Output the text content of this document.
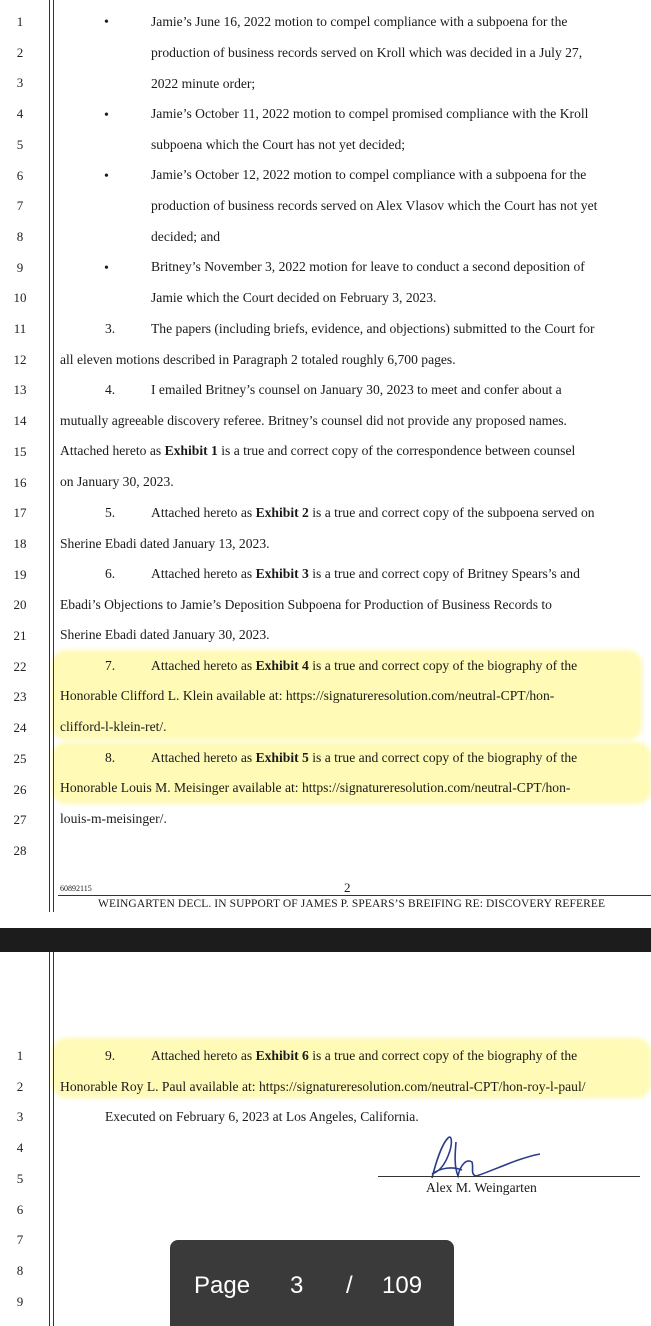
1
2
3
4
5
6
7
8
9
10
11
12
13
14
15
16
17
18
19
20
21
22
23
24
25
26
27
28
•	Jamie’s June 16, 2022 motion to compel compliance with a subpoena for the
production of business records served on Kroll which was decided in a July 27,
2022 minute order;
•	Jamie’s October 11, 2022 motion to compel promised compliance with the Kroll
subpoena which the Court has not yet decided;
•	Jamie’s October 12, 2022 motion to compel compliance with a subpoena for the
production of business records served on Alex Vlasov which the Court has not yet
decided; and
•	Britney’s November 3, 2022 motion for leave to conduct a second deposition of
Jamie which the Court decided on February 3, 2023.
3.	The papers (including briefs, evidence, and objections) submitted to the Court for
all eleven motions described in Paragraph 2 totaled roughly 6,700 pages.
4.	I emailed Britney’s counsel on January 30, 2023 to meet and confer about a
mutually agreeable discovery referee. Britney’s counsel did not provide any proposed names.
Attached hereto as Exhibit 1 is a true and correct copy of the correspondence between counsel
on January 30, 2023.
5.	Attached hereto as Exhibit 2 is a true and correct copy of the subpoena served on
Sherine Ebadi dated January 13, 2023.
6.	Attached hereto as Exhibit 3 is a true and correct copy of Britney Spears’s and
Ebadi’s Objections to Jamie’s Deposition Subpoena for Production of Business Records to
Sherine Ebadi dated January 30, 2023.
7.	Attached hereto as Exhibit 4 is a true and correct copy of the biography of the
Honorable Clifford L. Klein available at: https://signatureresolution.com/neutral-CPT/hon-
clifford-l-klein-ret/.
8.	Attached hereto as Exhibit 5 is a true and correct copy of the biography of the
Honorable Louis M. Meisinger available at: https://signatureresolution.com/neutral-CPT/hon-
louis-m-meisinger/.
60892115	2
WEINGARTEN DECL. IN SUPPORT OF JAMES P. SPEARS’S BREIFING RE: DISCOVERY REFEREE
1
2
3
4
5
6
7
8
9
9.	Attached hereto as Exhibit 6 is a true and correct copy of the biography of the
Honorable Roy L. Paul available at: https://signatureresolution.com/neutral-CPT/hon-roy-l-paul/
Executed on February 6, 2023 at Los Angeles, California.
Alex M. Weingarten
Page 3 / 109
